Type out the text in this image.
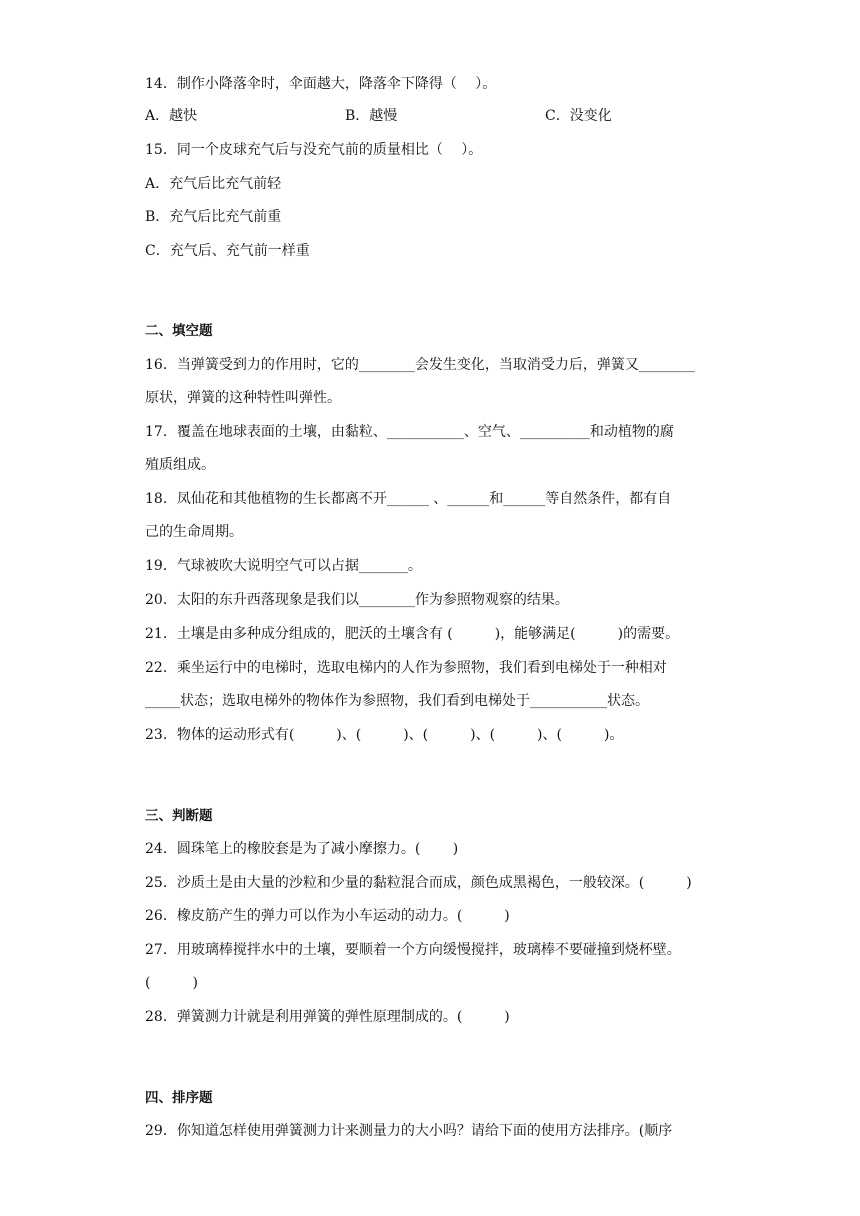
14．制作小降落伞时，伞面越大，降落伞下降得（　 ）。
A．越快	B．越慢	C．没变化
15．同一个皮球充气后与没充气前的质量相比（　 ）。
A．充气后比充气前轻
B．充气后比充气前重
C．充气后、充气前一样重
二、填空题
16．当弹簧受到力的作用时，它的________会发生变化，当取消受力后，弹簧又________
原状，弹簧的这种特性叫弹性。
17．覆盖在地球表面的土壤，由黏粒、___________、空气、__________和动植物的腐
殖质组成。
18．凤仙花和其他植物的生长都离不开______ 、______和______等自然条件，都有自
己的生命周期。
19．气球被吹大说明空气可以占据_______。
20．太阳的东升西落现象是我们以________作为参照物观察的结果。
21．土壤是由多种成分组成的，肥沃的土壤含有 (　　　)，能够满足(　　　)的需要。
22．乘坐运行中的电梯时，选取电梯内的人作为参照物，我们看到电梯处于一种相对
_____状态；选取电梯外的物体作为参照物，我们看到电梯处于___________状态。
23．物体的运动形式有(　　　)、(　　　)、(　　　)、(　　　)、(　　　)。
三、判断题
24．圆珠笔上的橡胶套是为了减小摩擦力。(　　 )
25．沙质土是由大量的沙粒和少量的黏粒混合而成，颜色成黑褐色，一般较深。(　　　)
26．橡皮筋产生的弹力可以作为小车运动的动力。(　　　)
27．用玻璃棒搅拌水中的土壤，要顺着一个方向缓慢搅拌，玻璃棒不要碰撞到烧杯壁。
(　　　)
28．弹簧测力计就是利用弹簧的弹性原理制成的。(　　　)
四、排序题
29．你知道怎样使用弹簧测力计来测量力的大小吗？请给下面的使用方法排序。(顺序
